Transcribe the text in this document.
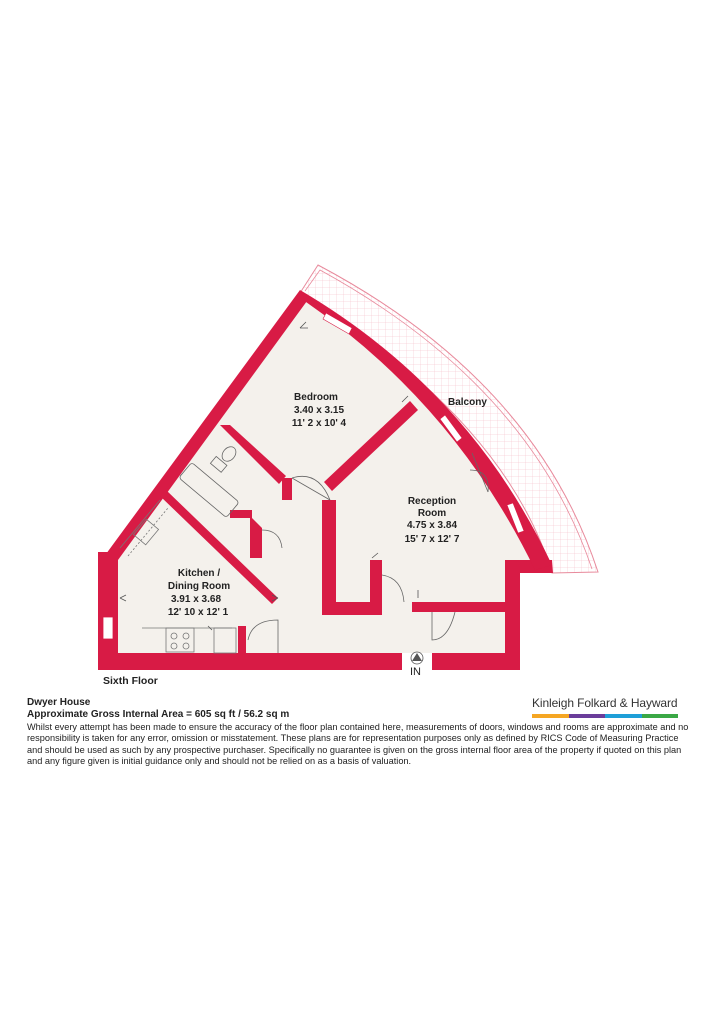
Bedroom
3.40 x 3.15
11' 2 x 10' 4
Reception
Room
4.75 x 3.84
15' 7 x 12' 7
Kitchen /
Dining Room
3.91 x 3.68
12' 10 x 12' 1
Balcony
Sixth Floor
IN
Dwyer House
Approximate Gross Internal Area = 605 sq ft / 56.2 sq m
Whilst every attempt has been made to ensure the accuracy of the floor plan contained here, measurements of doors, windows and rooms are approximate and no responsibility is taken for any error, omission or misstatement. These plans are for representation purposes only as defined by RICS Code of Measuring Practice and should be used as such by any prospective purchaser. Specifically no guarantee is given on the gross internal floor area of the property if quoted on this plan and any figure given is initial guidance only and should not be relied on as a basis of valuation.
Kinleigh Folkard & Hayward
